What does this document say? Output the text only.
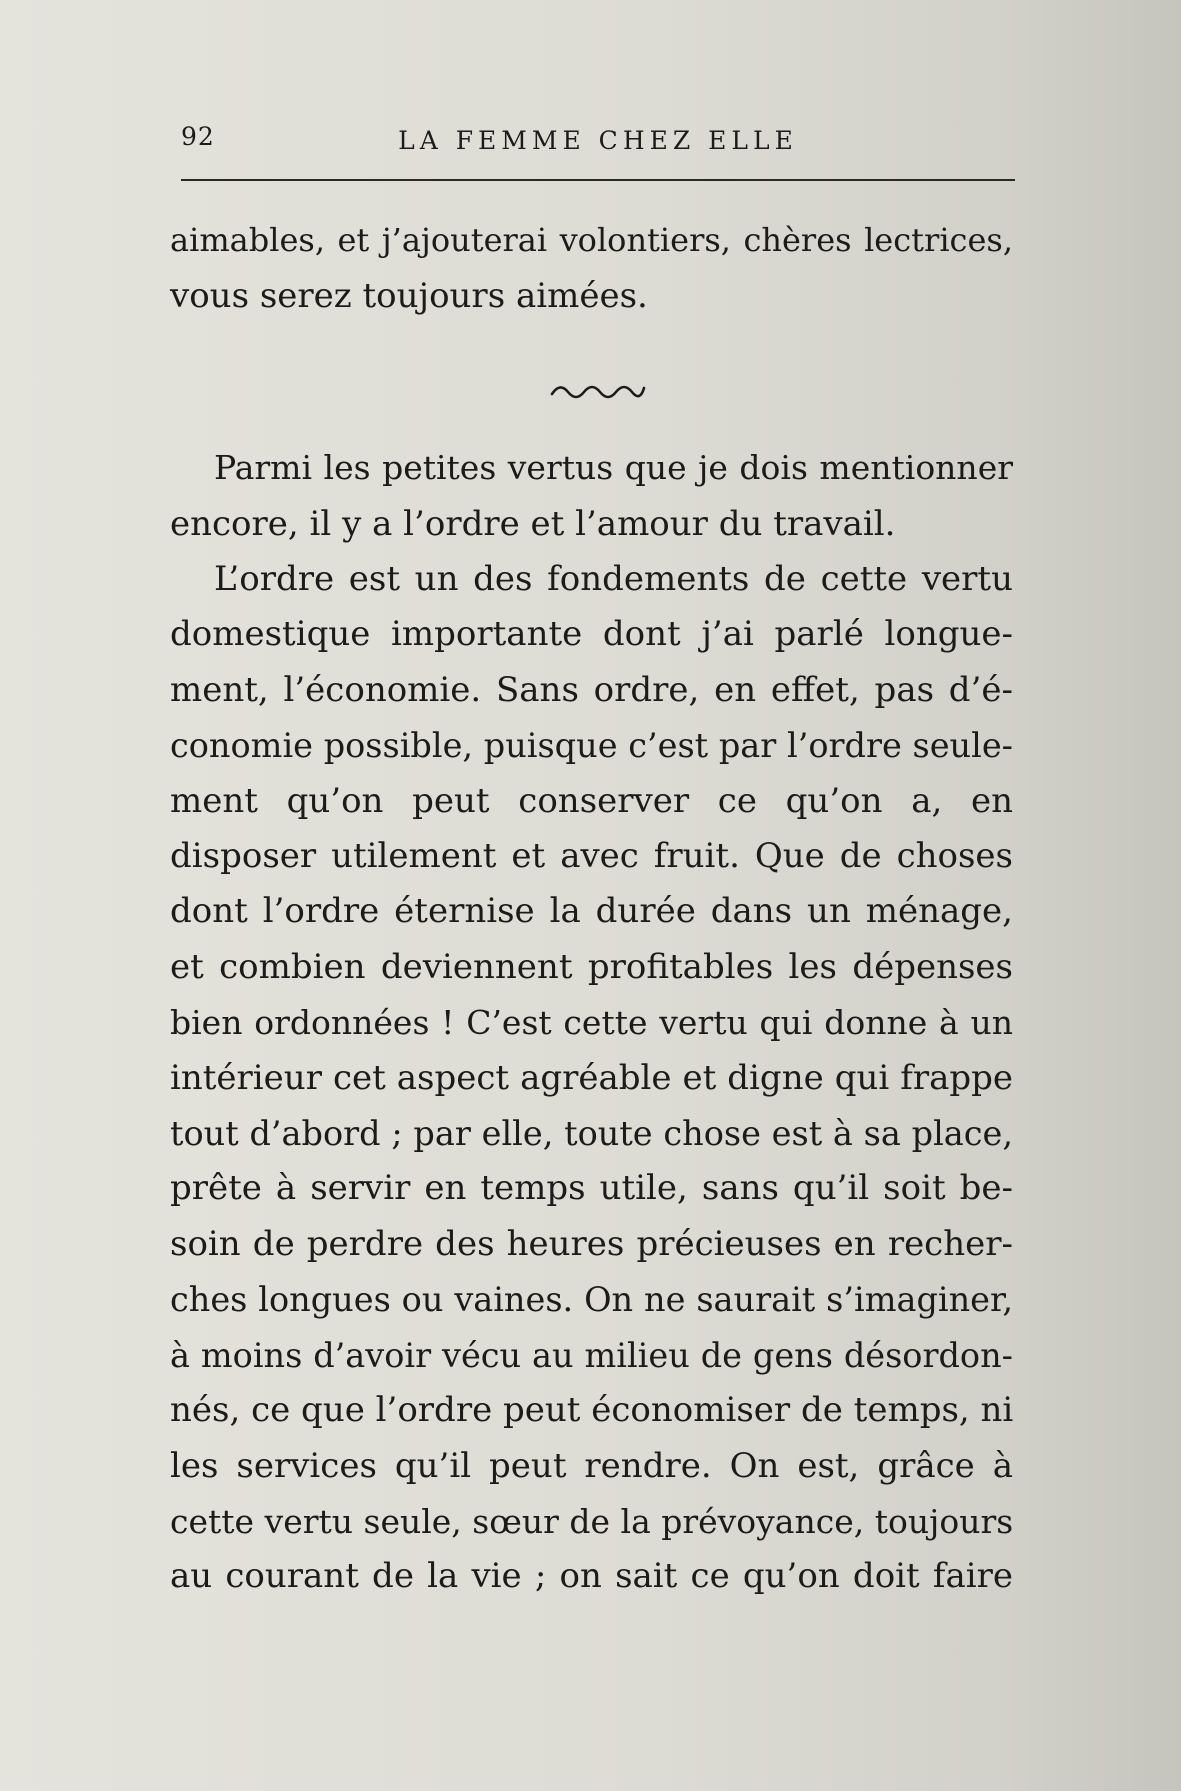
92	LA FEMME CHEZ ELLE
aimables, et j’ajouterai volontiers, chères lectrices,
vous serez toujours aimées.
Parmi les petites vertus que je dois mentionner
encore, il y a l’ordre et l’amour du travail.
L’ordre est un des fondements de cette vertu
domestique importante dont j’ai parlé longue-
ment, l’économie. Sans ordre, en effet, pas d’é-
conomie possible, puisque c’est par l’ordre seule-
ment qu’on peut conserver ce qu’on a, en
disposer utilement et avec fruit. Que de choses
dont l’ordre éternise la durée dans un ménage,
et combien deviennent profitables les dépenses
bien ordonnées ! C’est cette vertu qui donne à un
intérieur cet aspect agréable et digne qui frappe
tout d’abord ; par elle, toute chose est à sa place,
prête à servir en temps utile, sans qu’il soit be-
soin de perdre des heures précieuses en recher-
ches longues ou vaines. On ne saurait s’imaginer,
à moins d’avoir vécu au milieu de gens désordon-
nés, ce que l’ordre peut économiser de temps, ni
les services qu’il peut rendre. On est, grâce à
cette vertu seule, sœur de la prévoyance, toujours
au courant de la vie ; on sait ce qu’on doit faire
